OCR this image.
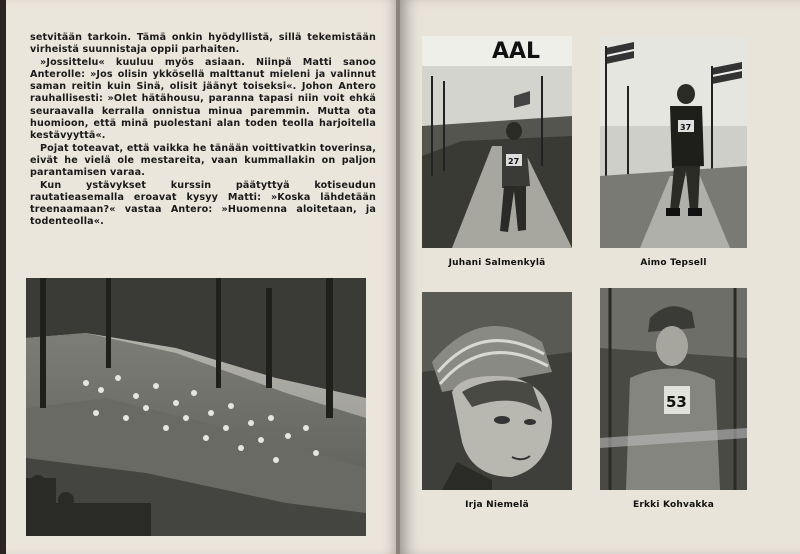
setvitään tarkoin. Tämä onkin hyödyllistä, sillä tekemistään virheistä suunnistaja oppii parhaiten.

»Jossittelu« kuuluu myös asiaan. Niinpä Matti sanoo Anterolle: »Jos olisin ykkösellä malttanut mieleni ja valinnut saman reitin kuin Sinä, olisit jäänyt toiseksi«. Johon Antero rauhallisesti: »Olet hätähousu, paranna tapasi niin voit ehkä seuraavalla kerralla onnistua minua paremmin. Mutta ota huomioon, että minä puolestani alan toden teolla harjoitella kestävyyttä«.

Pojat toteavat, että vaikka he tänään voittivatkin toverinsa, eivät he vielä ole mestareita, vaan kummallakin on paljon parantamisen varaa.

Kun ystävykset kurssin päätyttyä kotiseudun rautatieasemalla eroavat kysyy Matti: »Koska lähdetään treenaamaan?« vastaa Antero: »Huomenna aloitetaan, ja todenteolla«.

AAL
27
Juhani Salmenkylä
37
Aimo Tepsell
Irja Niemelä
53
Erkki Kohvakka
